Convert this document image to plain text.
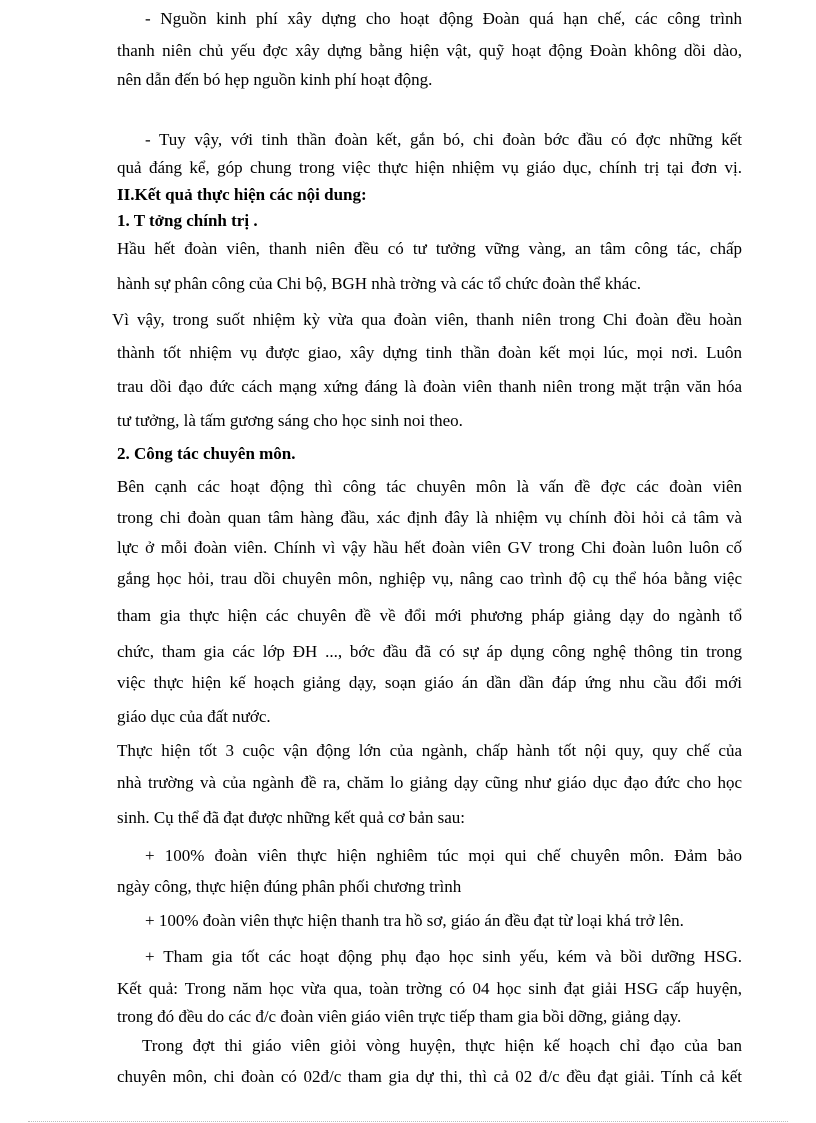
- Nguồn kinh phí xây dựng cho hoạt động Đoàn quá hạn chế, các công trình
thanh niên chủ yếu đợc xây dựng bằng hiện vật, quỹ hoạt động Đoàn không dồi dào,
nên dẫn đến bó hẹp nguồn kinh phí hoạt động.
- Tuy vậy, với tinh thần đoàn kết, gắn bó, chi đoàn bớc đầu có đợc những kết
quả đáng kể, góp chung trong việc thực hiện nhiệm vụ giáo dục, chính trị tại đơn vị.
II.Kết quả thực hiện các nội dung:
1. T tởng chính trị .
Hầu hết đoàn viên, thanh niên đều có tư tưởng vững vàng, an tâm công tác, chấp
hành sự phân công của Chi bộ, BGH nhà trờng và các tổ chức đoàn thể khác.
Vì vậy, trong suốt nhiệm kỳ vừa qua đoàn viên, thanh niên trong Chi đoàn đều hoàn
thành tốt nhiệm vụ được giao, xây dựng tinh thần đoàn kết mọi lúc, mọi nơi. Luôn
trau dồi đạo đức cách mạng xứng đáng là đoàn viên thanh niên trong mặt trận văn hóa
tư tưởng, là tấm gương sáng cho học sinh noi theo.
2. Công tác chuyên môn.
Bên cạnh các hoạt động thì công tác chuyên môn là vấn đề đợc các đoàn viên
trong chi đoàn quan tâm hàng đầu, xác định đây là nhiệm vụ chính đòi hỏi cả tâm và
lực ở mỗi đoàn viên. Chính vì vậy hầu hết đoàn viên GV trong Chi đoàn luôn luôn cố
gắng học hỏi, trau dồi chuyên môn, nghiệp vụ, nâng cao trình độ cụ thể hóa bằng việc
tham gia thực hiện các chuyên đề về đổi mới phương pháp giảng dạy do ngành tổ
chức, tham gia các lớp ĐH ..., bớc đầu đã có sự áp dụng công nghệ thông tin trong
việc thực hiện kế hoạch giảng dạy, soạn giáo án dần dần đáp ứng nhu cầu đổi mới
giáo dục của đất nước.
Thực hiện tốt 3 cuộc vận động lớn của ngành, chấp hành tốt nội quy, quy chế của
nhà trường và của ngành đề ra, chăm lo giảng dạy cũng như giáo dục đạo đức cho học
sinh. Cụ thể đã đạt được những kết quả cơ bản sau:
+ 100% đoàn viên thực hiện nghiêm túc mọi qui chế chuyên môn. Đảm bảo
ngày công, thực hiện đúng phân phối chương trình
+ 100% đoàn viên thực hiện thanh tra hồ sơ, giáo án đều đạt từ loại khá trở lên.
+ Tham gia tốt các hoạt động phụ đạo học sinh yếu, kém và bồi dưỡng HSG.
Kết quả: Trong năm học vừa qua, toàn trờng có 04 học sinh đạt giải HSG cấp huyện,
trong đó đều do các đ/c đoàn viên giáo viên trực tiếp tham gia bồi dỡng, giảng dạy.
Trong đợt thi giáo viên giỏi vòng huyện, thực hiện kế hoạch chỉ đạo của ban
chuyên môn, chi đoàn có 02đ/c tham gia dự thi, thì cả 02 đ/c đều đạt giải. Tính cả kết
